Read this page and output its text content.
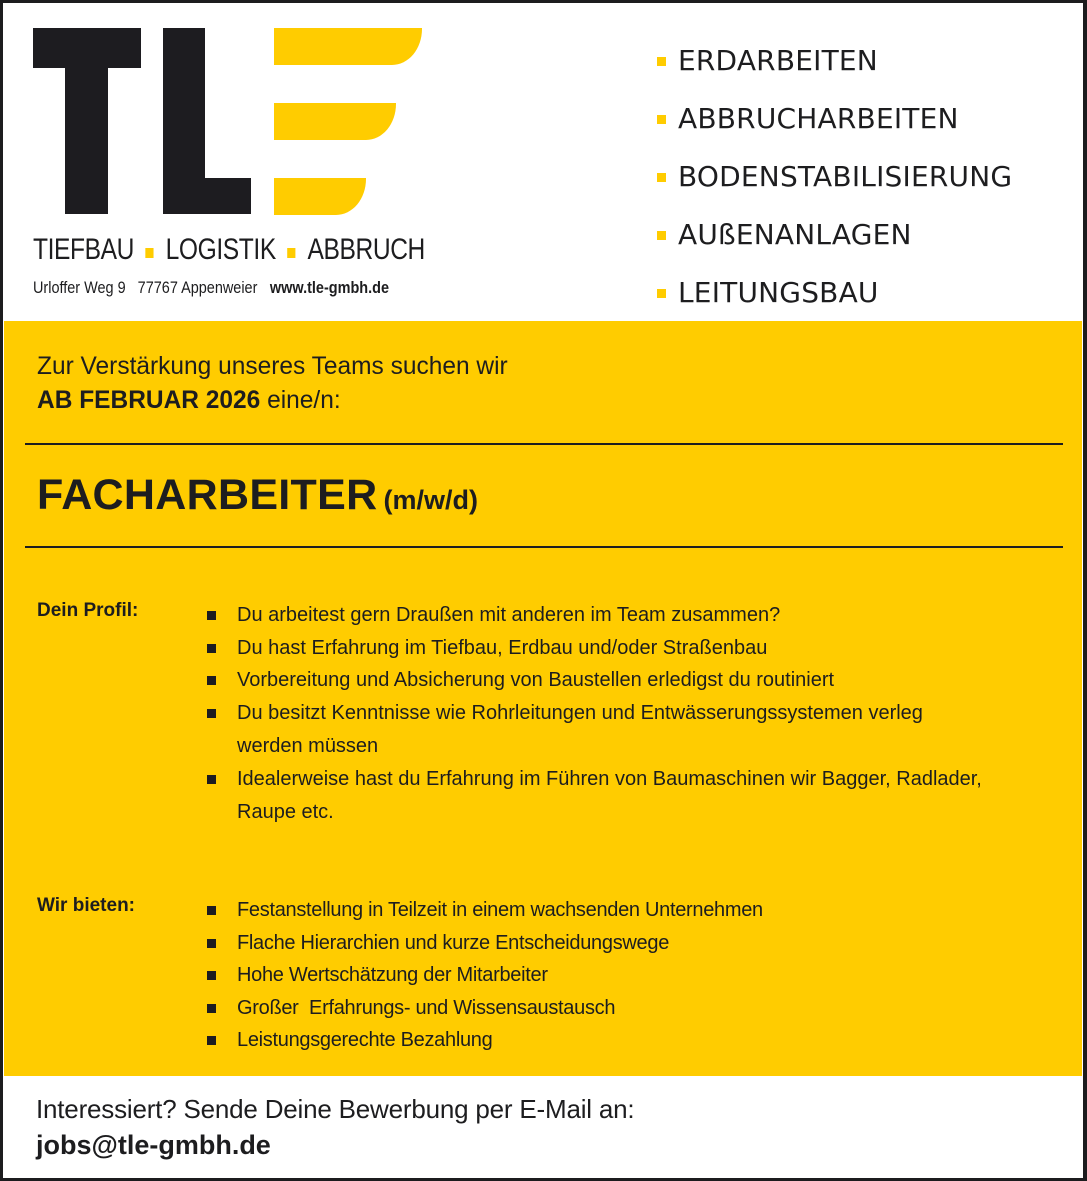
TIEFBAU LOGISTIK ABBRUCH
Urloffer Weg 9   77767 Appenweier www.tle-gmbh.de
ERDARBEITEN
ABBRUCHARBEITEN
BODENSTABILISIERUNG
AUßENANLAGEN
LEITUNGSBAU
Zur Verstärkung unseres Teams suchen wir
AB FEBRUAR 2026 eine/n:
FACHARBEITER (m/w/d)
Dein Profil:	Du arbeitest gern Draußen mit anderen im Team zusammen?
Du hast Erfahrung im Tiefbau, Erdbau und/oder Straßenbau
Vorbereitung und Absicherung von Baustellen erledigst du routiniert
Du besitzt Kenntnisse wie Rohrleitungen und Entwässerungssystemen verleg werden müssen
Idealerweise hast du Erfahrung im Führen von Baumaschinen wir Bagger, Radlader, Raupe etc.
Wir bieten:	Festanstellung in Teilzeit in einem wachsenden Unternehmen
Flache Hierarchien und kurze Entscheidungswege
Hohe Wertschätzung der Mitarbeiter
Großer  Erfahrungs- und Wissensaustausch
Leistungsgerechte Bezahlung
Interessiert? Sende Deine Bewerbung per E-Mail an:
jobs@tle-gmbh.de
